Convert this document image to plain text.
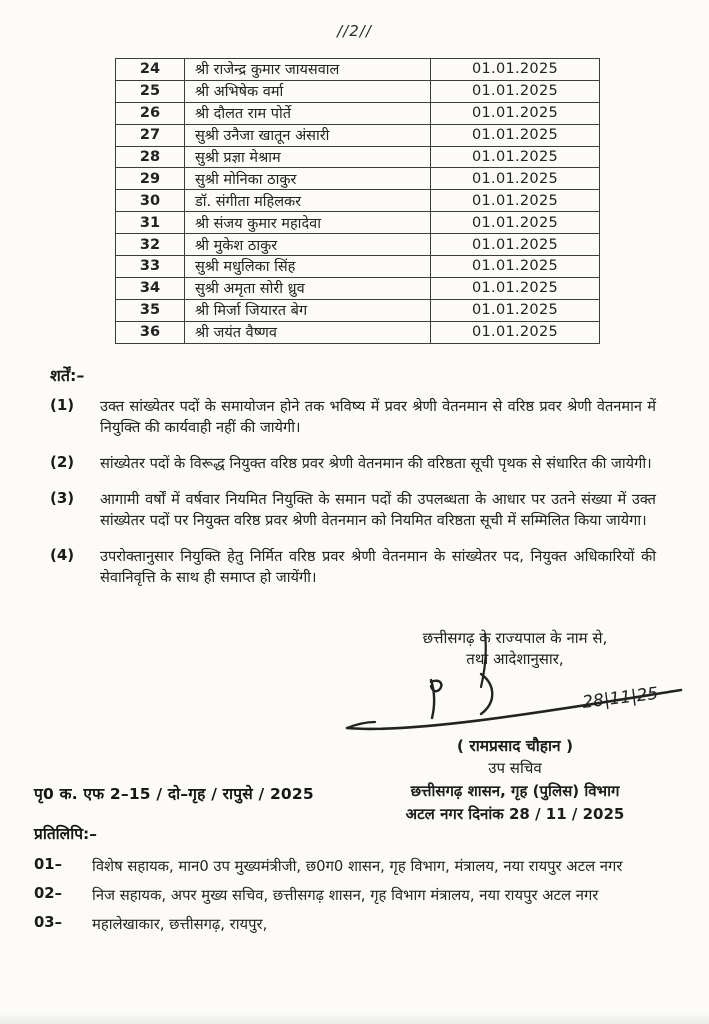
//2//
24	श्री राजेन्द्र कुमार जायसवाल	01.01.2025
25	श्री अभिषेक वर्मा	01.01.2025
26	श्री दौलत राम पोर्ते	01.01.2025
27	सुश्री उनैजा खातून अंसारी	01.01.2025
28	सुश्री प्रज्ञा मेश्राम	01.01.2025
29	सुश्री मोनिका ठाकुर	01.01.2025
30	डॉ. संगीता महिलकर	01.01.2025
31	श्री संजय कुमार महादेवा	01.01.2025
32	श्री मुकेश ठाकुर	01.01.2025
33	सुश्री मधुलिका सिंह	01.01.2025
34	सुश्री अमृता सोरी ध्रुव	01.01.2025
35	श्री मिर्जा जियारत बेग	01.01.2025
36	श्री जयंत वैष्णव	01.01.2025
शर्तें:–
(1)	उक्त सांख्येतर पदों के समायोजन होने तक भविष्य में प्रवर श्रेणी वेतनमान से वरिष्ठ प्रवर श्रेणी वेतनमान में नियुक्ति की कार्यवाही नहीं की जायेगी।
(2)	सांख्येतर पदों के विरूद्ध नियुक्त वरिष्ठ प्रवर श्रेणी वेतनमान की वरिष्ठता सूची पृथक से संधारित की जायेगी।
(3)	आगामी वर्षों में वर्षवार नियमित नियुक्ति के समान पदों की उपलब्धता के आधार पर उतने संख्या में उक्त सांख्येतर पदों पर नियुक्त वरिष्ठ प्रवर श्रेणी वेतनमान को नियमित वरिष्ठता सूची में सम्मिलित किया जायेगा।
(4)	उपरोक्तानुसार नियुक्ति हेतु निर्मित वरिष्ठ प्रवर श्रेणी वेतनमान के सांख्येतर पद, नियुक्त अधिकारियों की सेवानिवृत्ति के साथ ही समाप्त हो जायेंगी।
छत्तीसगढ़ के राज्यपाल के नाम से,
तथा आदेशानुसार,
28|11|25
( रामप्रसाद चौहान )
उप सचिव
छत्तीसगढ़ शासन, गृह (पुलिस) विभाग
अटल नगर दिनांक 28 / 11 / 2025
पृ0 क. एफ 2–15 / दो–गृह / रापुसे / 2025
प्रतिलिपि:–
01–	विशेष सहायक, मान0 उप मुख्यमंत्रीजी, छ0ग0 शासन, गृह विभाग, मंत्रालय, नया रायपुर अटल नगर
02–	निज सहायक, अपर मुख्य सचिव, छत्तीसगढ़ शासन, गृह विभाग मंत्रालय, नया रायपुर अटल नगर
03–	महालेखाकार, छत्तीसगढ़, रायपुर,
